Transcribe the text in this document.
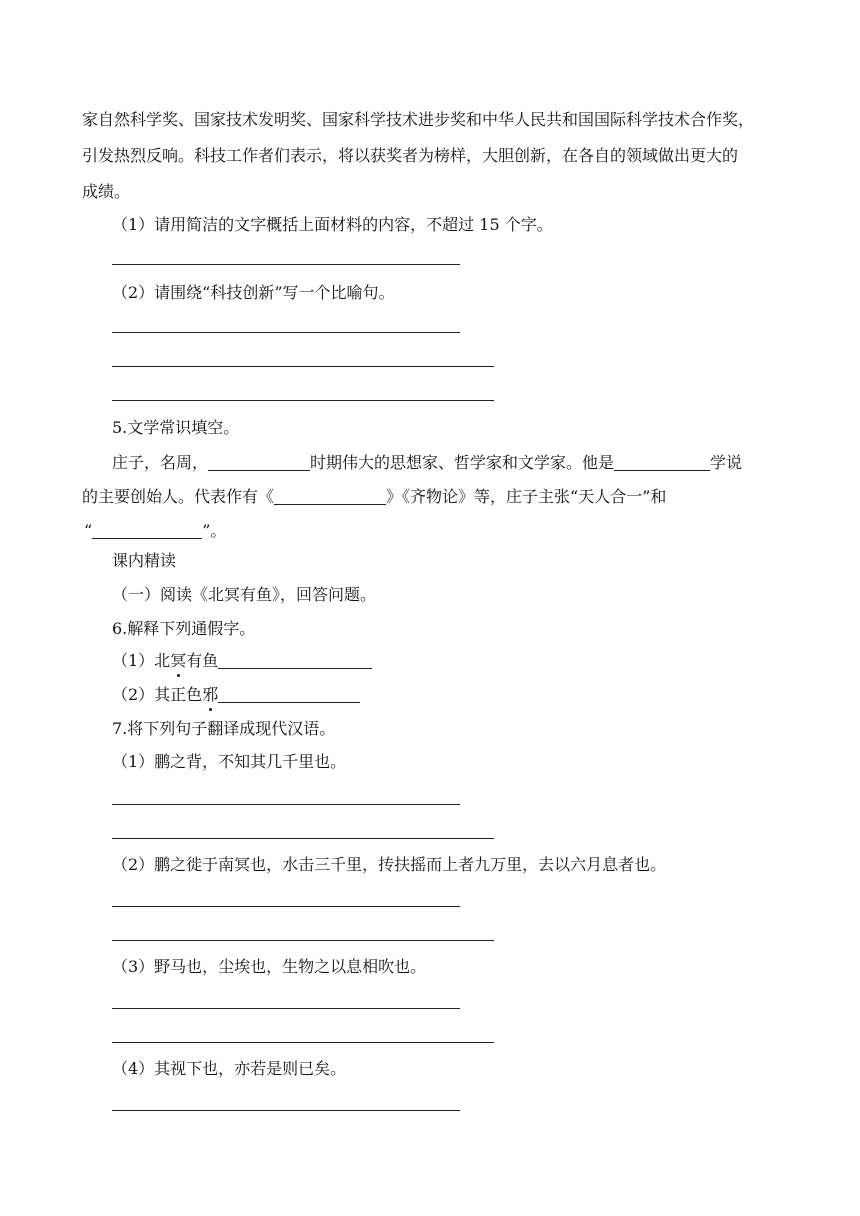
家自然科学奖、国家技术发明奖、国家科学技术进步奖和中华人民共和国国际科学技术合作奖，
引发热烈反响。科技工作者们表示，将以获奖者为榜样，大胆创新，在各自的领域做出更大的
成绩。
（1）请用简洁的文字概括上面材料的内容，不超过 15 个字。
（2）请围绕“科技创新”写一个比喻句。
5.文学常识填空。
庄子，名周，	时期伟大的思想家、哲学家和文学家。他是	学说
的主要创始人。代表作有《	》《齐物论》等，庄子主张“天人合一”和
“	”。
课内精读
（一）阅读《北冥有鱼》，回答问题。
6.解释下列通假字。
（1）北冥有鱼
（2）其正色邪
7.将下列句子翻译成现代汉语。
（1）鹏之背，不知其几千里也。
（2）鹏之徙于南冥也，水击三千里，抟扶摇而上者九万里，去以六月息者也。
（3）野马也，尘埃也，生物之以息相吹也。
（4）其视下也，亦若是则已矣。
